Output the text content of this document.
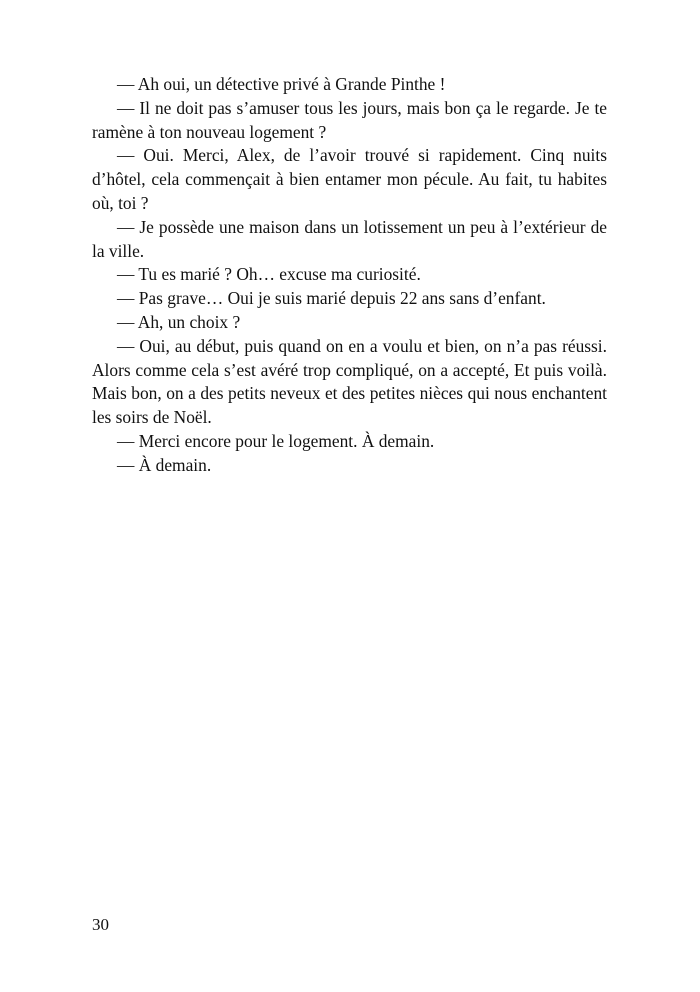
— Ah oui, un détective privé à Grande Pinthe !

— Il ne doit pas s’amuser tous les jours, mais bon ça le regarde. Je te ramène à ton nouveau logement ?

— Oui. Merci, Alex, de l’avoir trouvé si rapidement. Cinq nuits d’hôtel, cela commençait à bien entamer mon pécule. Au fait, tu habites où, toi ?

— Je possède une maison dans un lotissement un peu à l’extérieur de la ville.

— Tu es marié ? Oh… excuse ma curiosité.

— Pas grave… Oui je suis marié depuis 22 ans sans d’enfant.

— Ah, un choix ?

— Oui, au début, puis quand on en a voulu et bien, on n’a pas réussi. Alors comme cela s’est avéré trop compliqué, on a accepté, Et puis voilà. Mais bon, on a des petits neveux et des petites nièces qui nous enchantent les soirs de Noël.

— Merci encore pour le logement. À demain.

— À demain.

30
